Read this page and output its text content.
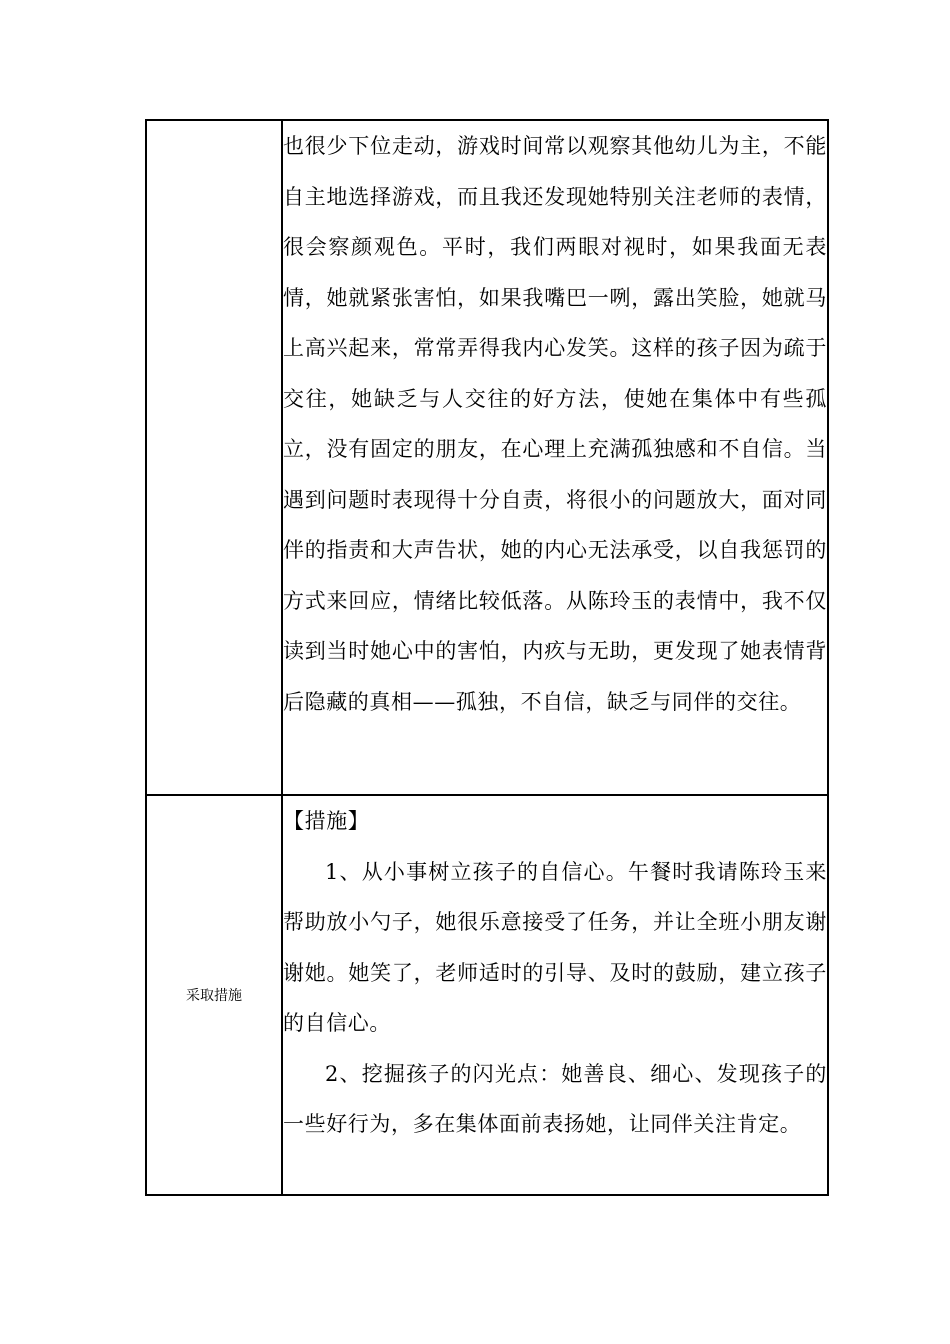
	也很少下位走动，游戏时间常以观察其他幼儿为主，不能自主地选择游戏，而且我还发现她特别关注老师的表情，很会察颜观色。平时，我们两眼对视时，如果我面无表情，她就紧张害怕，如果我嘴巴一咧，露出笑脸，她就马上高兴起来，常常弄得我内心发笑。这样的孩子因为疏于交往，她缺乏与人交往的好方法，使她在集体中有些孤立，没有固定的朋友，在心理上充满孤独感和不自信。当遇到问题时表现得十分自责，将很小的问题放大，面对同伴的指责和大声告状，她的内心无法承受，以自我惩罚的方式来回应，情绪比较低落。从陈玲玉的表情中，我不仅读到当时她心中的害怕，内疚与无助，更发现了她表情背后隐藏的真相——孤独，不自信，缺乏与同伴的交往。

采取措施	【措施】

1、从小事树立孩子的自信心。午餐时我请陈玲玉来帮助放小勺子，她很乐意接受了任务，并让全班小朋友谢谢她。她笑了，老师适时的引导、及时的鼓励，建立孩子的自信心。

2、挖掘孩子的闪光点：她善良、细心、发现孩子的一些好行为，多在集体面前表扬她，让同伴关注肯定。
